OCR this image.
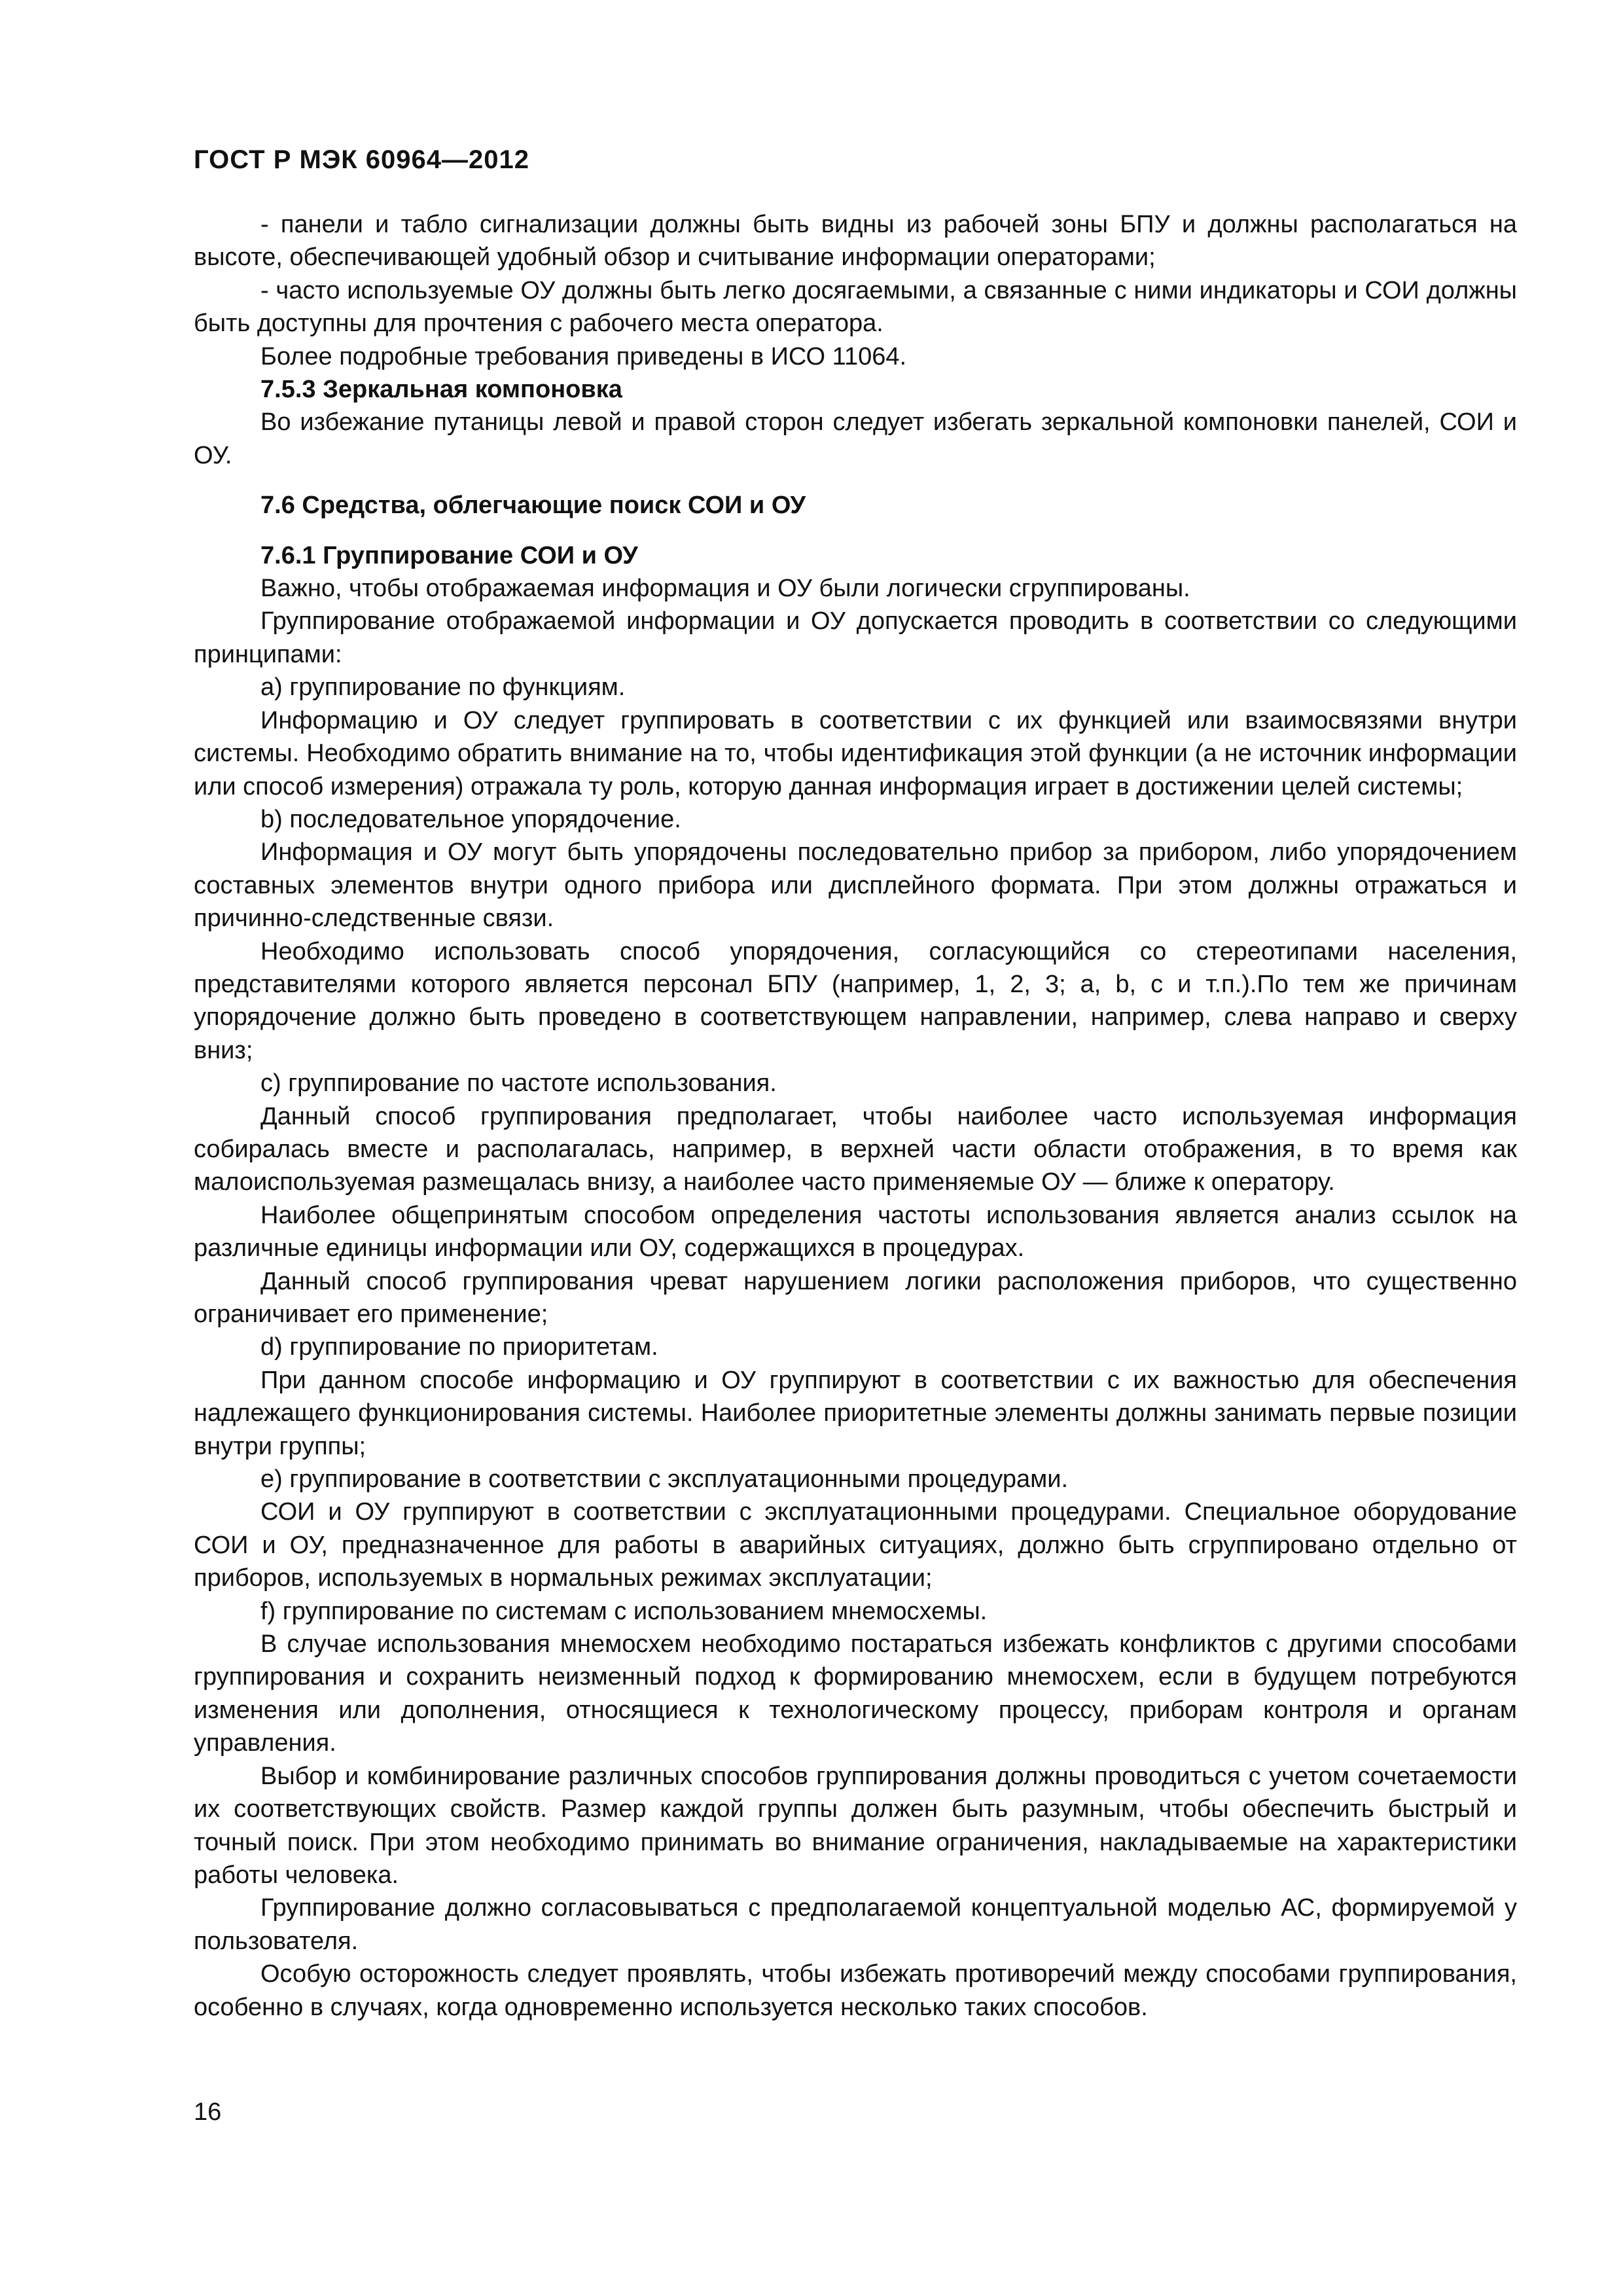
ГОСТ Р МЭК 60964—2012

- панели и табло сигнализации должны быть видны из рабочей зоны БПУ и должны располагаться на высоте, обеспечивающей удобный обзор и считывание информации операторами;

- часто используемые ОУ должны быть легко досягаемыми, а связанные с ними индикаторы и СОИ должны быть доступны для прочтения с рабочего места оператора.

Более подробные требования приведены в ИСО 11064.

7.5.3 Зеркальная компоновка

Во избежание путаницы левой и правой сторон следует избегать зеркальной компоновки панелей, СОИ и ОУ.

7.6 Средства, облегчающие поиск СОИ и ОУ

7.6.1 Группирование СОИ и ОУ

Важно, чтобы отображаемая информация и ОУ были логически сгруппированы.

Группирование отображаемой информации и ОУ допускается проводить в соответствии со следующими принципами:

a) группирование по функциям.

Информацию и ОУ следует группировать в соответствии с их функцией или взаимосвязями внутри системы. Необходимо обратить внимание на то, чтобы идентификация этой функции (а не источник информации или способ измерения) отражала ту роль, которую данная информация играет в достижении целей системы;

b) последовательное упорядочение.

Информация и ОУ могут быть упорядочены последовательно прибор за прибором, либо упорядочением составных элементов внутри одного прибора или дисплейного формата. При этом должны отражаться и причинно-следственные связи.

Необходимо использовать способ упорядочения, согласующийся со стереотипами населения, представителями которого является персонал БПУ (например, 1, 2, 3; a, b, c и т.п.).По тем же причинам упорядочение должно быть проведено в соответствующем направлении, например, слева направо и сверху вниз;

c) группирование по частоте использования.

Данный способ группирования предполагает, чтобы наиболее часто используемая информация собиралась вместе и располагалась, например, в верхней части области отображения, в то время как малоиспользуемая размещалась внизу, а наиболее часто применяемые ОУ — ближе к оператору.

Наиболее общепринятым способом определения частоты использования является анализ ссылок на различные единицы информации или ОУ, содержащихся в процедурах.

Данный способ группирования чреват нарушением логики расположения приборов, что существенно ограничивает его применение;

d) группирование по приоритетам.

При данном способе информацию и ОУ группируют в соответствии с их важностью для обеспечения надлежащего функционирования системы. Наиболее приоритетные элементы должны занимать первые позиции внутри группы;

e) группирование в соответствии с эксплуатационными процедурами.

СОИ и ОУ группируют в соответствии с эксплуатационными процедурами. Специальное оборудование СОИ и ОУ, предназначенное для работы в аварийных ситуациях, должно быть сгруппировано отдельно от приборов, используемых в нормальных режимах эксплуатации;

f) группирование по системам с использованием мнемосхемы.

В случае использования мнемосхем необходимо постараться избежать конфликтов с другими способами группирования и сохранить неизменный подход к формированию мнемосхем, если в будущем потребуются изменения или дополнения, относящиеся к технологическому процессу, приборам контроля и органам управления.

Выбор и комбинирование различных способов группирования должны проводиться с учетом сочетаемости их соответствующих свойств. Размер каждой группы должен быть разумным, чтобы обеспечить быстрый и точный поиск. При этом необходимо принимать во внимание ограничения, накладываемые на характеристики работы человека.

Группирование должно согласовываться с предполагаемой концептуальной моделью АС, формируемой у пользователя.

Особую осторожность следует проявлять, чтобы избежать противоречий между способами группирования, особенно в случаях, когда одновременно используется несколько таких способов.

16
